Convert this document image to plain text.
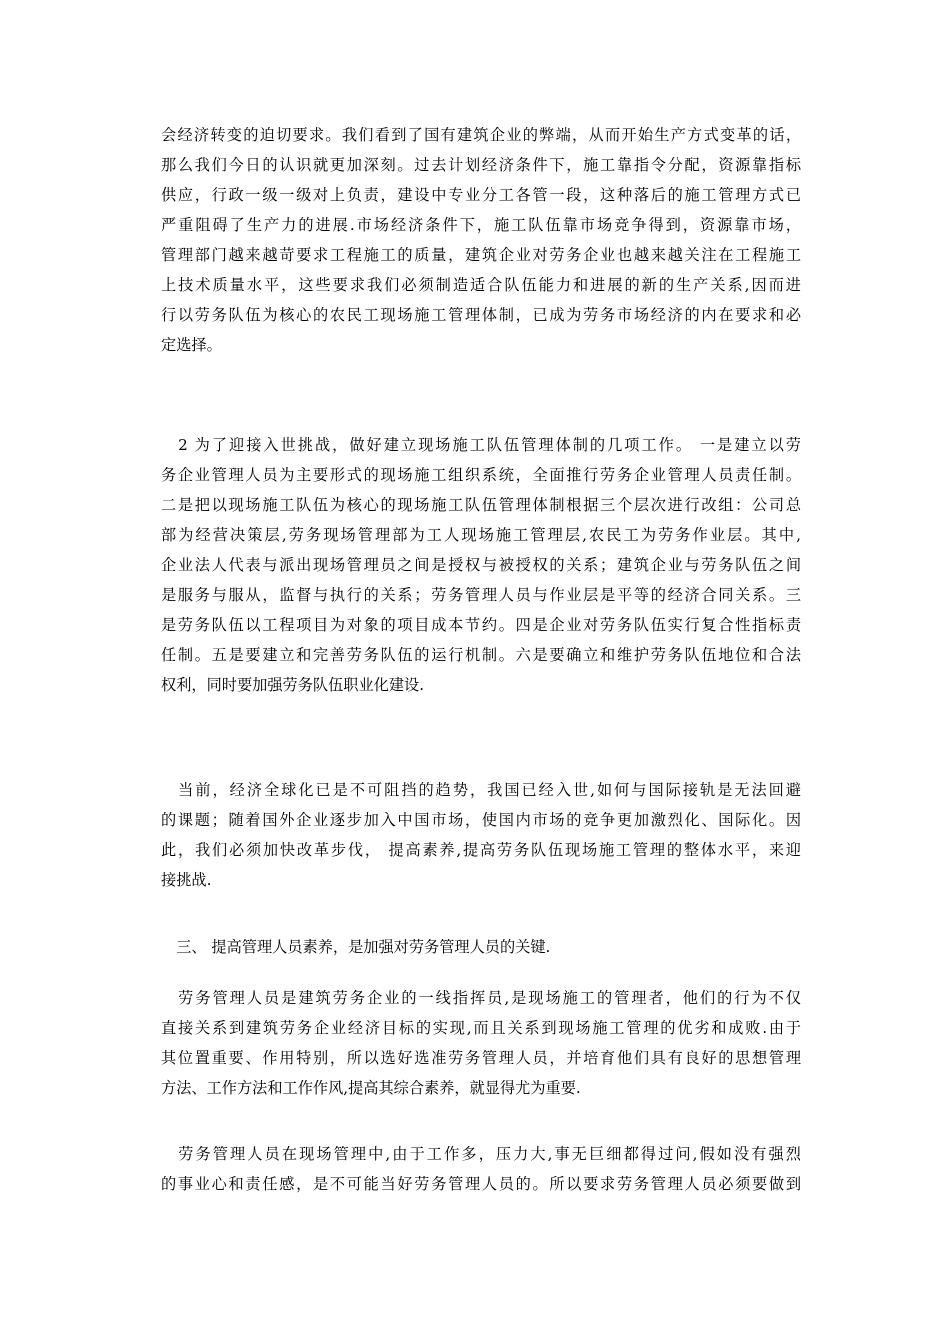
会经济转变的迫切要求。我们看到了国有建筑企业的弊端，从而开始生产方式变革的话，
那么我们今日的认识就更加深刻。过去计划经济条件下，施工靠指令分配，资源靠指标
供应，行政一级一级对上负责，建设中专业分工各管一段，这种落后的施工管理方式已
严重阻碍了生产力的进展.市场经济条件下，施工队伍靠市场竞争得到，资源靠市场，
管理部门越来越苛要求工程施工的质量，建筑企业对劳务企业也越来越关注在工程施工
上技术质量水平，这些要求我们必须制造适合队伍能力和进展的新的生产关系,因而进
行以劳务队伍为核心的农民工现场施工管理体制，已成为劳务市场经济的内在要求和必
定选择。
　2 为了迎接入世挑战，做好建立现场施工队伍管理体制的几项工作。 一是建立以劳
务企业管理人员为主要形式的现场施工组织系统，全面推行劳务企业管理人员责任制。
二是把以现场施工队伍为核心的现场施工队伍管理体制根据三个层次进行改组：公司总
部为经营决策层,劳务现场管理部为工人现场施工管理层,农民工为劳务作业层。其中,
企业法人代表与派出现场管理员之间是授权与被授权的关系；建筑企业与劳务队伍之间
是服务与服从，监督与执行的关系；劳务管理人员与作业层是平等的经济合同关系。三
是劳务队伍以工程项目为对象的项目成本节约。四是企业对劳务队伍实行复合性指标责
任制。五是要建立和完善劳务队伍的运行机制。六是要确立和维护劳务队伍地位和合法
权利，同时要加强劳务队伍职业化建设.
　当前，经济全球化已是不可阻挡的趋势，我国已经入世,如何与国际接轨是无法回避
的课题；随着国外企业逐步加入中国市场，使国内市场的竞争更加激烈化、国际化。因
此，我们必须加快改革步伐， 提高素养,提高劳务队伍现场施工管理的整体水平，来迎
接挑战.
　三、 提高管理人员素养，是加强对劳务管理人员的关键.
　劳务管理人员是建筑劳务企业的一线指挥员,是现场施工的管理者，他们的行为不仅
直接关系到建筑劳务企业经济目标的实现,而且关系到现场施工管理的优劣和成败.由于
其位置重要、作用特别，所以选好选准劳务管理人员，并培育他们具有良好的思想管理
方法、工作方法和工作作风,提高其综合素养，就显得尤为重要.
　劳务管理人员在现场管理中,由于工作多，压力大,事无巨细都得过问,假如没有强烈
的事业心和责任感，是不可能当好劳务管理人员的。所以要求劳务管理人员必须要做到
